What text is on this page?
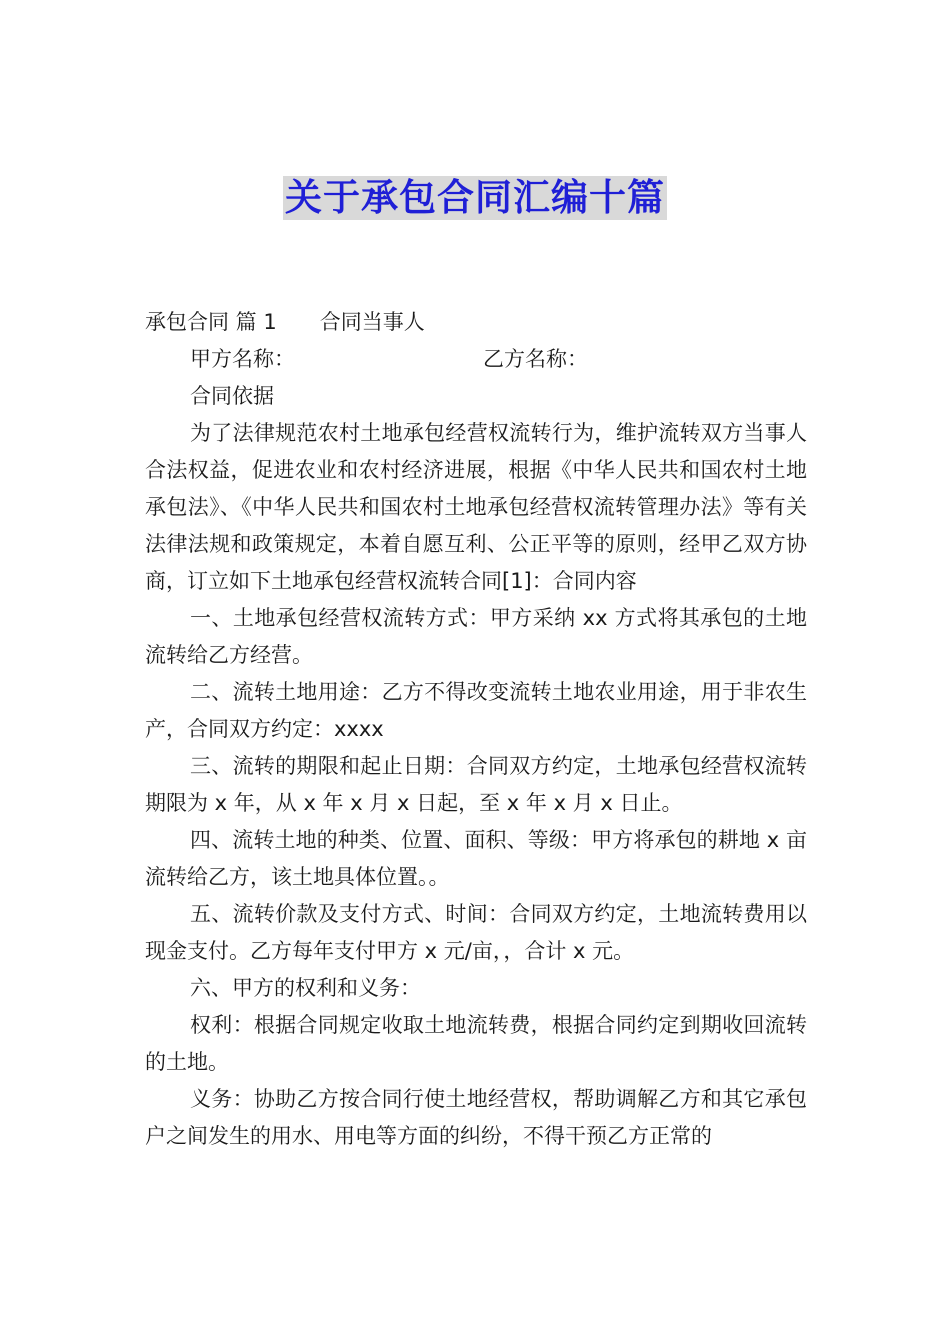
关于承包合同汇编十篇
承包合同 篇 1 合同当事人
甲方名称：	乙方名称：

合同依据

为了法律规范农村土地承包经营权流转行为，维护流转双方当事人合法权益，促进农业和农村经济进展，根据《中华人民共和国农村土地承包法》、《中华人民共和国农村土地承包经营权流转管理办法》等有关法律法规和政策规定，本着自愿互利、公正平等的原则，经甲乙双方协商，订立如下土地承包经营权流转合同[1]：合同内容

一、土地承包经营权流转方式：甲方采纳 xx 方式将其承包的土地流转给乙方经营。

二、流转土地用途：乙方不得改变流转土地农业用途，用于非农生产，合同双方约定：xxxx

三、流转的期限和起止日期：合同双方约定，土地承包经营权流转期限为 x 年，从 x 年 x 月 x 日起，至 x 年 x 月 x 日止。

四、流转土地的种类、位置、面积、等级：甲方将承包的耕地 x 亩流转给乙方，该土地具体位置。。

五、流转价款及支付方式、时间：合同双方约定，土地流转费用以现金支付。乙方每年支付甲方 x 元/亩，，合计 x 元。

六、甲方的权利和义务：

权利：根据合同规定收取土地流转费，根据合同约定到期收回流转的土地。

义务：协助乙方按合同行使土地经营权，帮助调解乙方和其它承包户之间发生的用水、用电等方面的纠纷，不得干预乙方正常的
